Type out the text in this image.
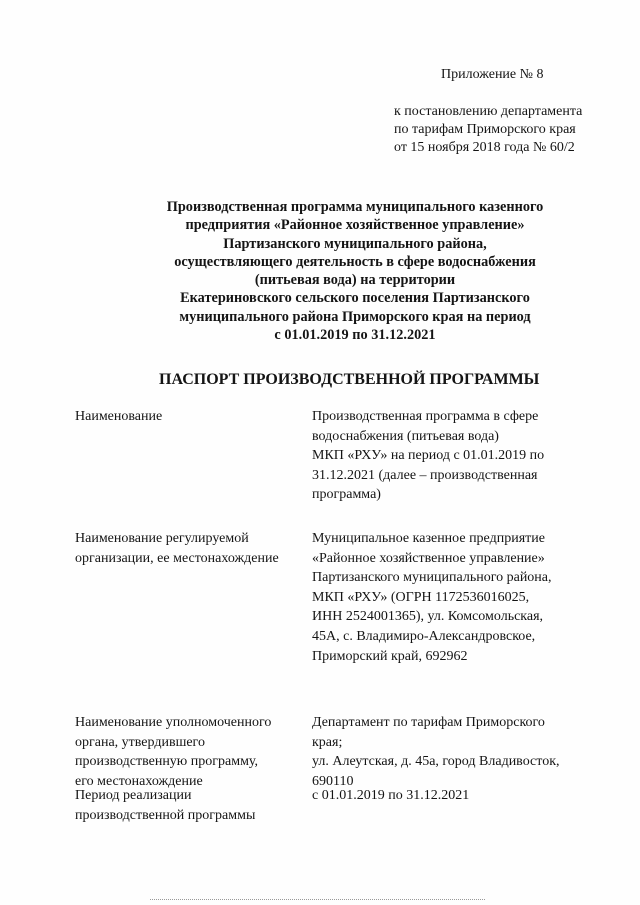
Приложение № 8
к постановлению департамента
по тарифам Приморского края
от 15 ноября 2018 года № 60/2
Производственная программа муниципального казенного
предприятия «Районное хозяйственное управление»
Партизанского муниципального района,
осуществляющего деятельность в сфере водоснабжения
(питьевая вода) на территории
Екатериновского сельского поселения Партизанского
муниципального района Приморского края на период
с 01.01.2019 по 31.12.2021
ПАСПОРТ ПРОИЗВОДСТВЕННОЙ ПРОГРАММЫ
Наименование	Производственная программа в сфере
водоснабжения (питьевая вода)
МКП «РХУ» на период с 01.01.2019 по
31.12.2021 (далее – производственная
программа)
Наименование регулируемой
организации, ее местонахождение
Муниципальное казенное предприятие
«Районное хозяйственное управление»
Партизанского муниципального района,
МКП «РХУ» (ОГРН 1172536016025,
ИНН 2524001365), ул. Комсомольская,
45А, с. Владимиро-Александровское,
Приморский край, 692962
Наименование уполномоченного
органа, утвердившего
производственную программу,
его местонахождение
Департамент по тарифам Приморского
края;
ул. Алеутская, д. 45а, город Владивосток,
690110
Период реализации
производственной программы
с 01.01.2019 по 31.12.2021
